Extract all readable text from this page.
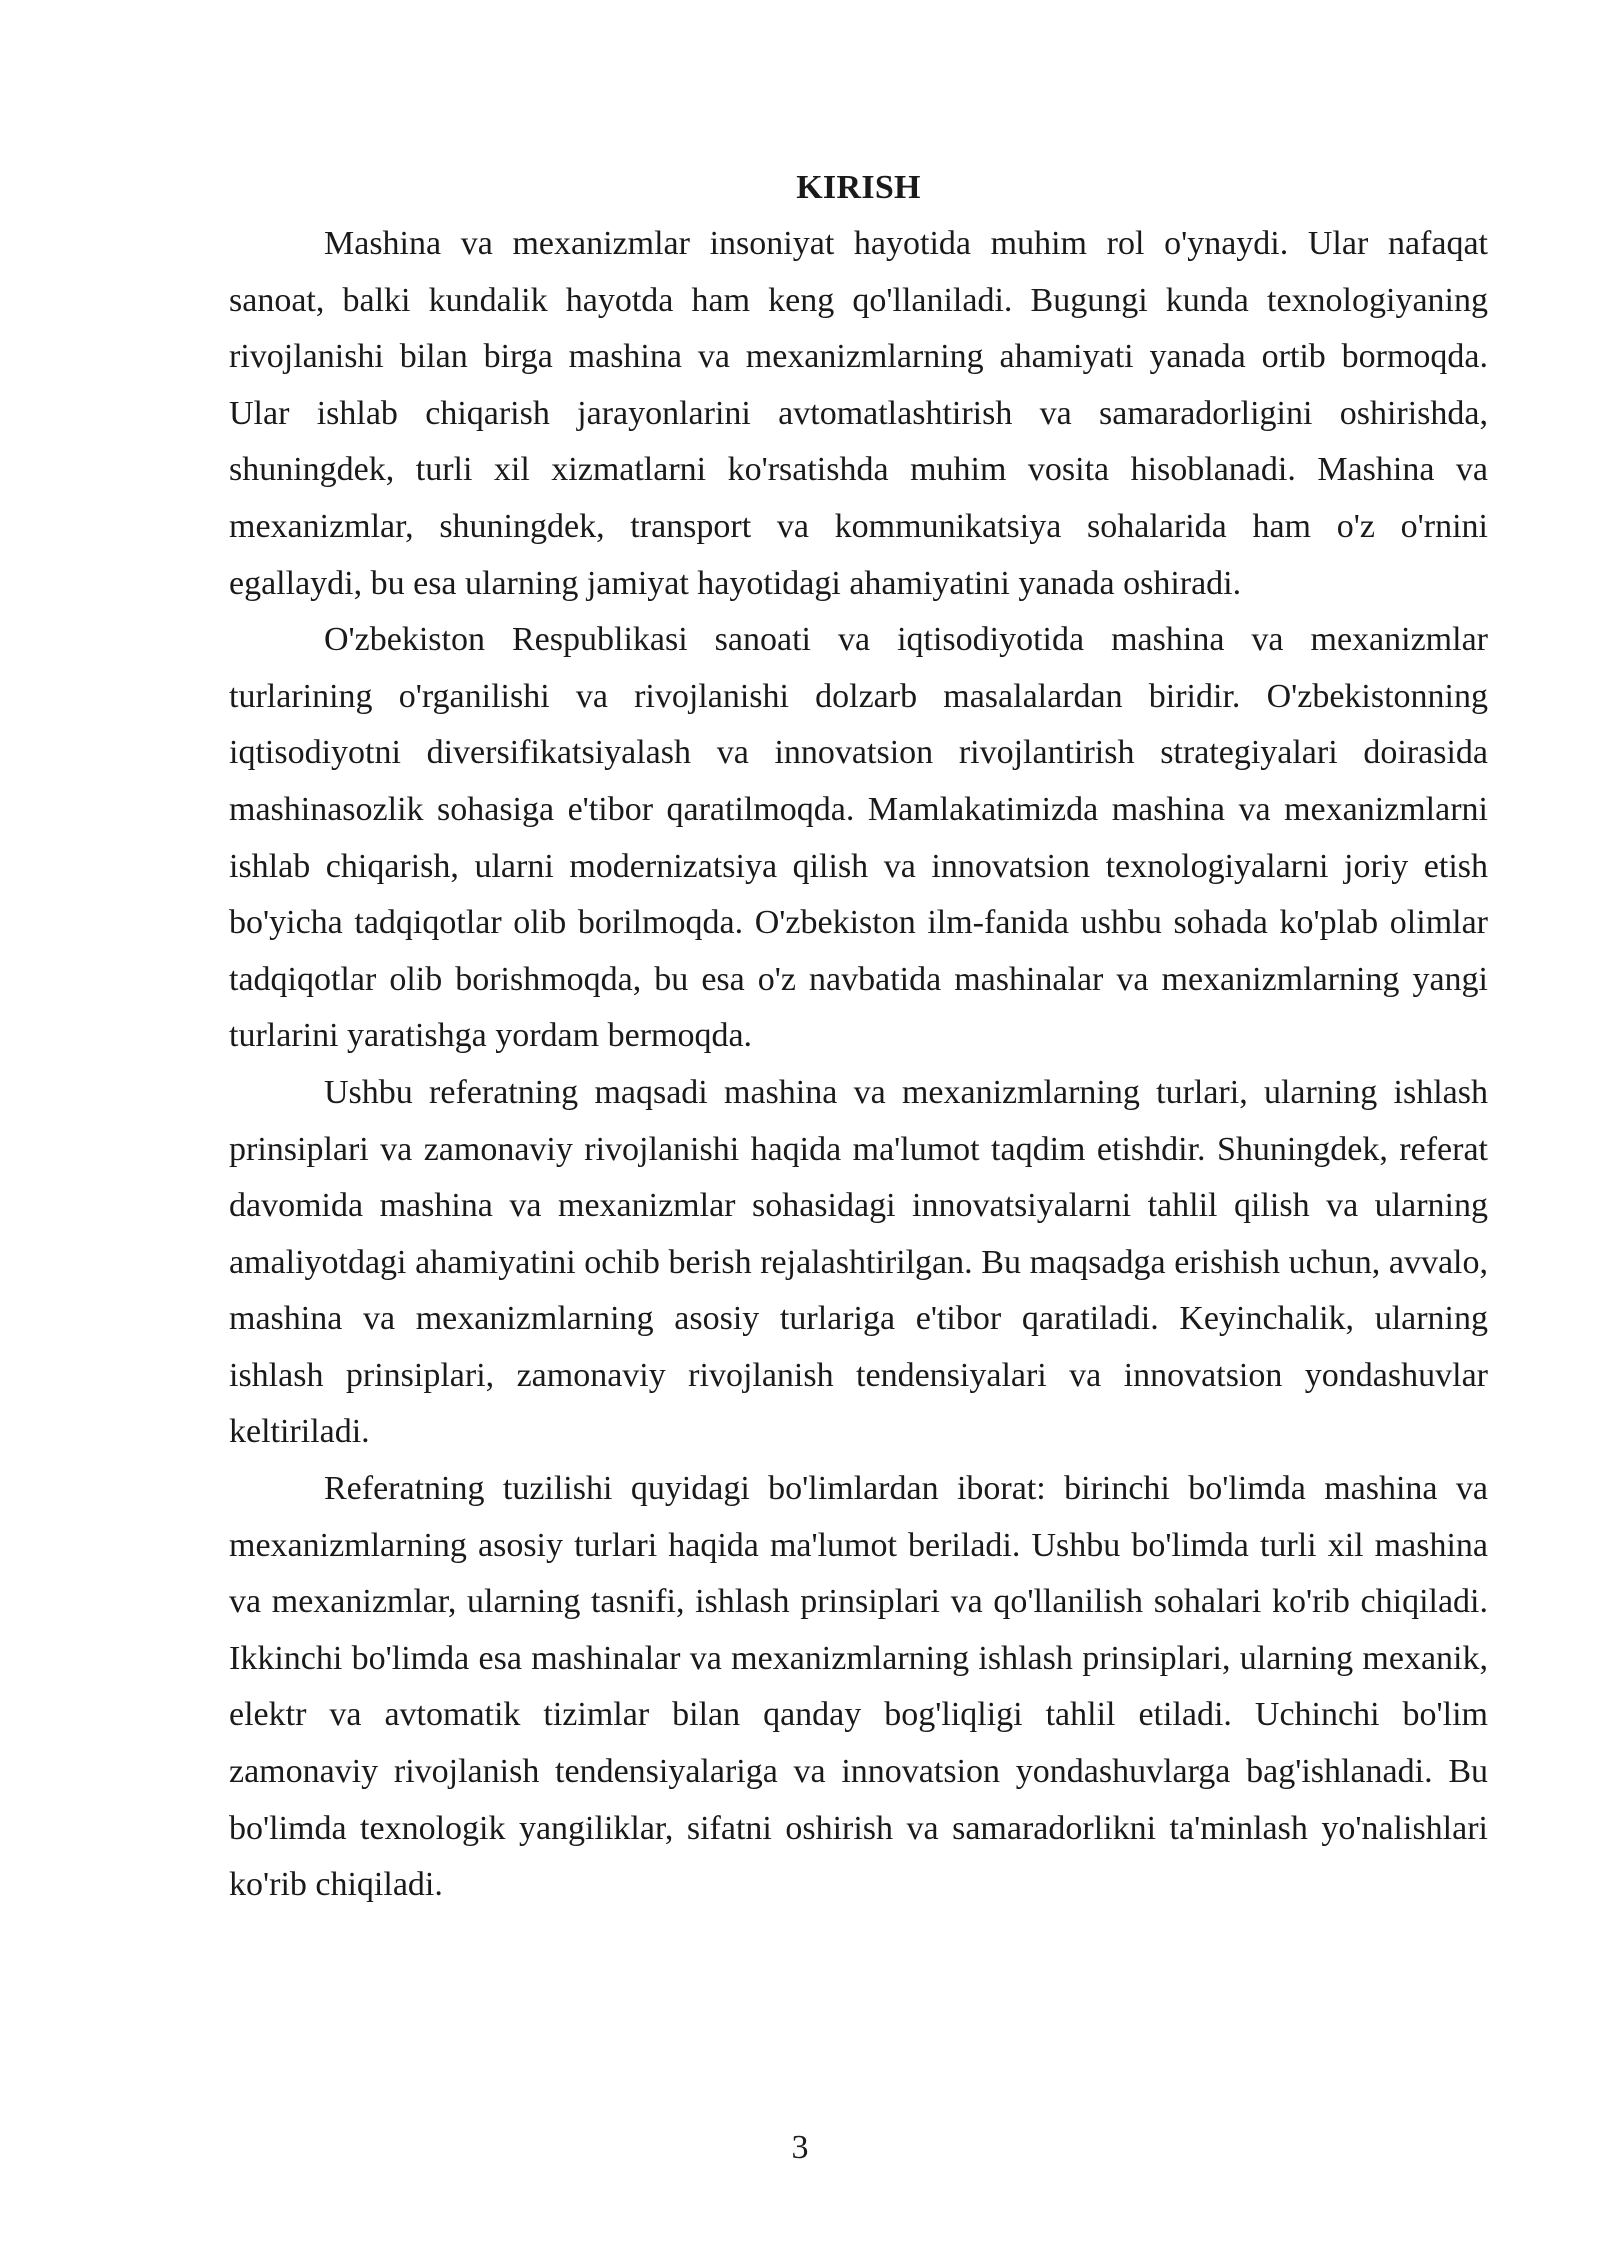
KIRISH

Mashina va mexanizmlar insoniyat hayotida muhim rol o'ynaydi. Ular nafaqat sanoat, balki kundalik hayotda ham keng qo'llaniladi. Bugungi kunda texnologiyaning rivojlanishi bilan birga mashina va mexanizmlarning ahamiyati yanada ortib bormoqda. Ular ishlab chiqarish jarayonlarini avtomatlashtirish va samaradorligini oshirishda, shuningdek, turli xil xizmatlarni ko'rsatishda muhim vosita hisoblanadi. Mashina va mexanizmlar, shuningdek, transport va kommunikatsiya sohalarida ham o'z o'rnini egallaydi, bu esa ularning jamiyat hayotidagi ahamiyatini yanada oshiradi.

O'zbekiston Respublikasi sanoati va iqtisodiyotida mashina va mexanizmlar turlarining o'rganilishi va rivojlanishi dolzarb masalalardan biridir. O'zbekistonning iqtisodiyotni diversifikatsiyalash va innovatsion rivojlantirish strategiyalari doirasida mashinasozlik sohasiga e'tibor qaratilmoqda. Mamlakatimizda mashina va mexanizmlarni ishlab chiqarish, ularni modernizatsiya qilish va innovatsion texnologiyalarni joriy etish bo'yicha tadqiqotlar olib borilmoqda. O'zbekiston ilm-fanida ushbu sohada ko'plab olimlar tadqiqotlar olib borishmoqda, bu esa o'z navbatida mashinalar va mexanizmlarning yangi turlarini yaratishga yordam bermoqda.

Ushbu referatning maqsadi mashina va mexanizmlarning turlari, ularning ishlash prinsiplari va zamonaviy rivojlanishi haqida ma'lumot taqdim etishdir. Shuningdek, referat davomida mashina va mexanizmlar sohasidagi innovatsiyalarni tahlil qilish va ularning amaliyotdagi ahamiyatini ochib berish rejalashtirilgan. Bu maqsadga erishish uchun, avvalo, mashina va mexanizmlarning asosiy turlariga e'tibor qaratiladi. Keyinchalik, ularning ishlash prinsiplari, zamonaviy rivojlanish tendensiyalari va innovatsion yondashuvlar keltiriladi.

Referatning tuzilishi quyidagi bo'limlardan iborat: birinchi bo'limda mashina va mexanizmlarning asosiy turlari haqida ma'lumot beriladi. Ushbu bo'limda turli xil mashina va mexanizmlar, ularning tasnifi, ishlash prinsiplari va qo'llanilish sohalari ko'rib chiqiladi. Ikkinchi bo'limda esa mashinalar va mexanizmlarning ishlash prinsiplari, ularning mexanik, elektr va avtomatik tizimlar bilan qanday bog'liqligi tahlil etiladi. Uchinchi bo'lim zamonaviy rivojlanish tendensiyalariga va innovatsion yondashuvlarga bag'ishlanadi. Bu bo'limda texnologik yangiliklar, sifatni oshirish va samaradorlikni ta'minlash yo'nalishlari ko'rib chiqiladi.

3
